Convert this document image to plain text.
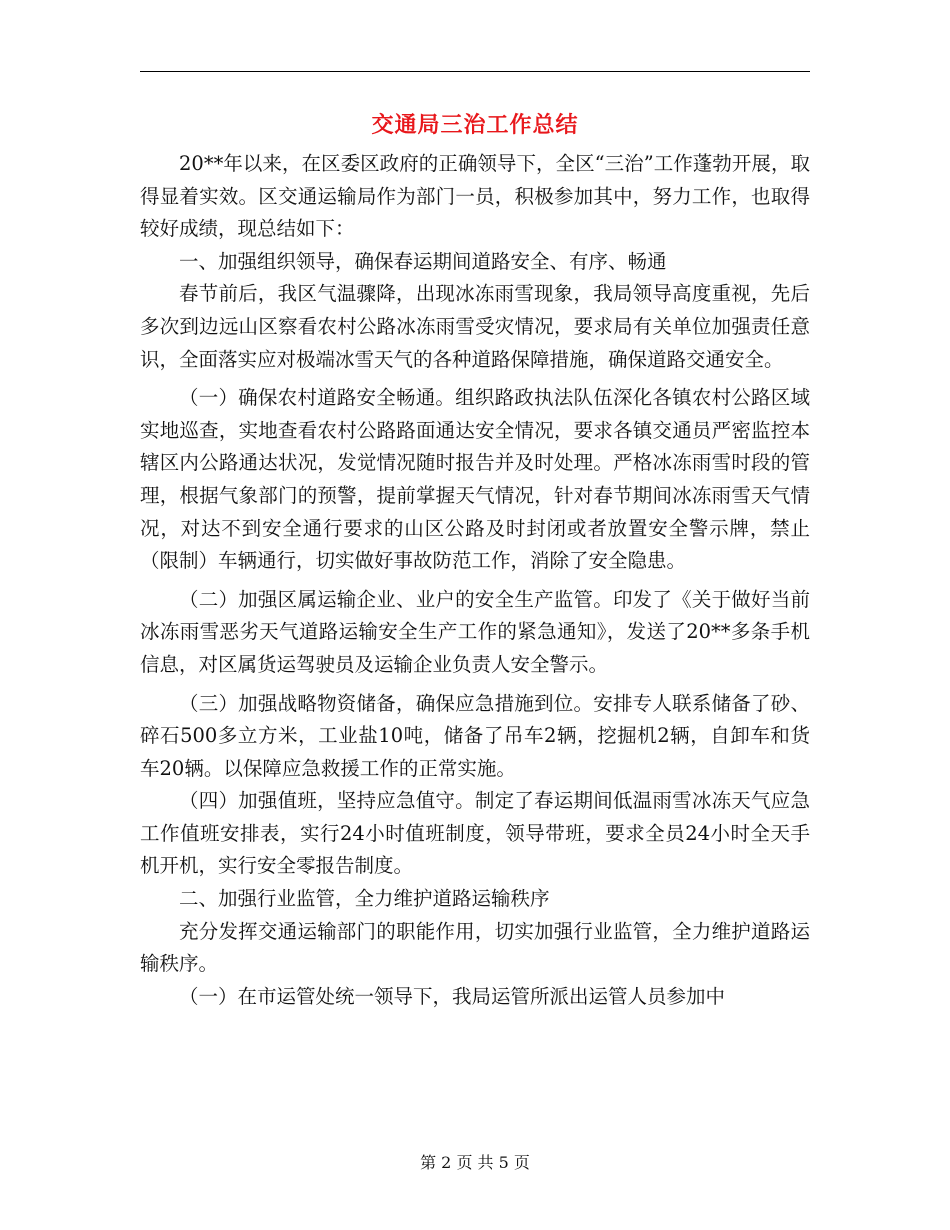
交通局三治工作总结

20**年以来，在区委区政府的正确领导下，全区“三治”工作蓬勃开展，取得显着实效。区交通运输局作为部门一员，积极参加其中，努力工作，也取得较好成绩，现总结如下：

一、加强组织领导，确保春运期间道路安全、有序、畅通

春节前后，我区气温骤降，出现冰冻雨雪现象，我局领导高度重视，先后多次到边远山区察看农村公路冰冻雨雪受灾情况，要求局有关单位加强责任意识，全面落实应对极端冰雪天气的各种道路保障措施，确保道路交通安全。

（一）确保农村道路安全畅通。组织路政执法队伍深化各镇农村公路区域实地巡查，实地查看农村公路路面通达安全情况，要求各镇交通员严密监控本辖区内公路通达状况，发觉情况随时报告并及时处理。严格冰冻雨雪时段的管理，根据气象部门的预警，提前掌握天气情况，针对春节期间冰冻雨雪天气情况，对达不到安全通行要求的山区公路及时封闭或者放置安全警示牌，禁止（限制）车辆通行，切实做好事故防范工作，消除了安全隐患。

（二）加强区属运输企业、业户的安全生产监管。印发了《关于做好当前冰冻雨雪恶劣天气道路运输安全生产工作的紧急通知》，发送了20**多条手机信息，对区属货运驾驶员及运输企业负责人安全警示。

（三）加强战略物资储备，确保应急措施到位。安排专人联系储备了砂、碎石500多立方米，工业盐10吨，储备了吊车2辆，挖掘机2辆，自卸车和货车20辆。以保障应急救援工作的正常实施。

（四）加强值班，坚持应急值守。制定了春运期间低温雨雪冰冻天气应急工作值班安排表，实行24小时值班制度，领导带班，要求全员24小时全天手机开机，实行安全零报告制度。

二、加强行业监管，全力维护道路运输秩序

充分发挥交通运输部门的职能作用，切实加强行业监管，全力维护道路运输秩序。

（一）在市运管处统一领导下，我局运管所派出运管人员参加中

第 2 页 共 5 页
